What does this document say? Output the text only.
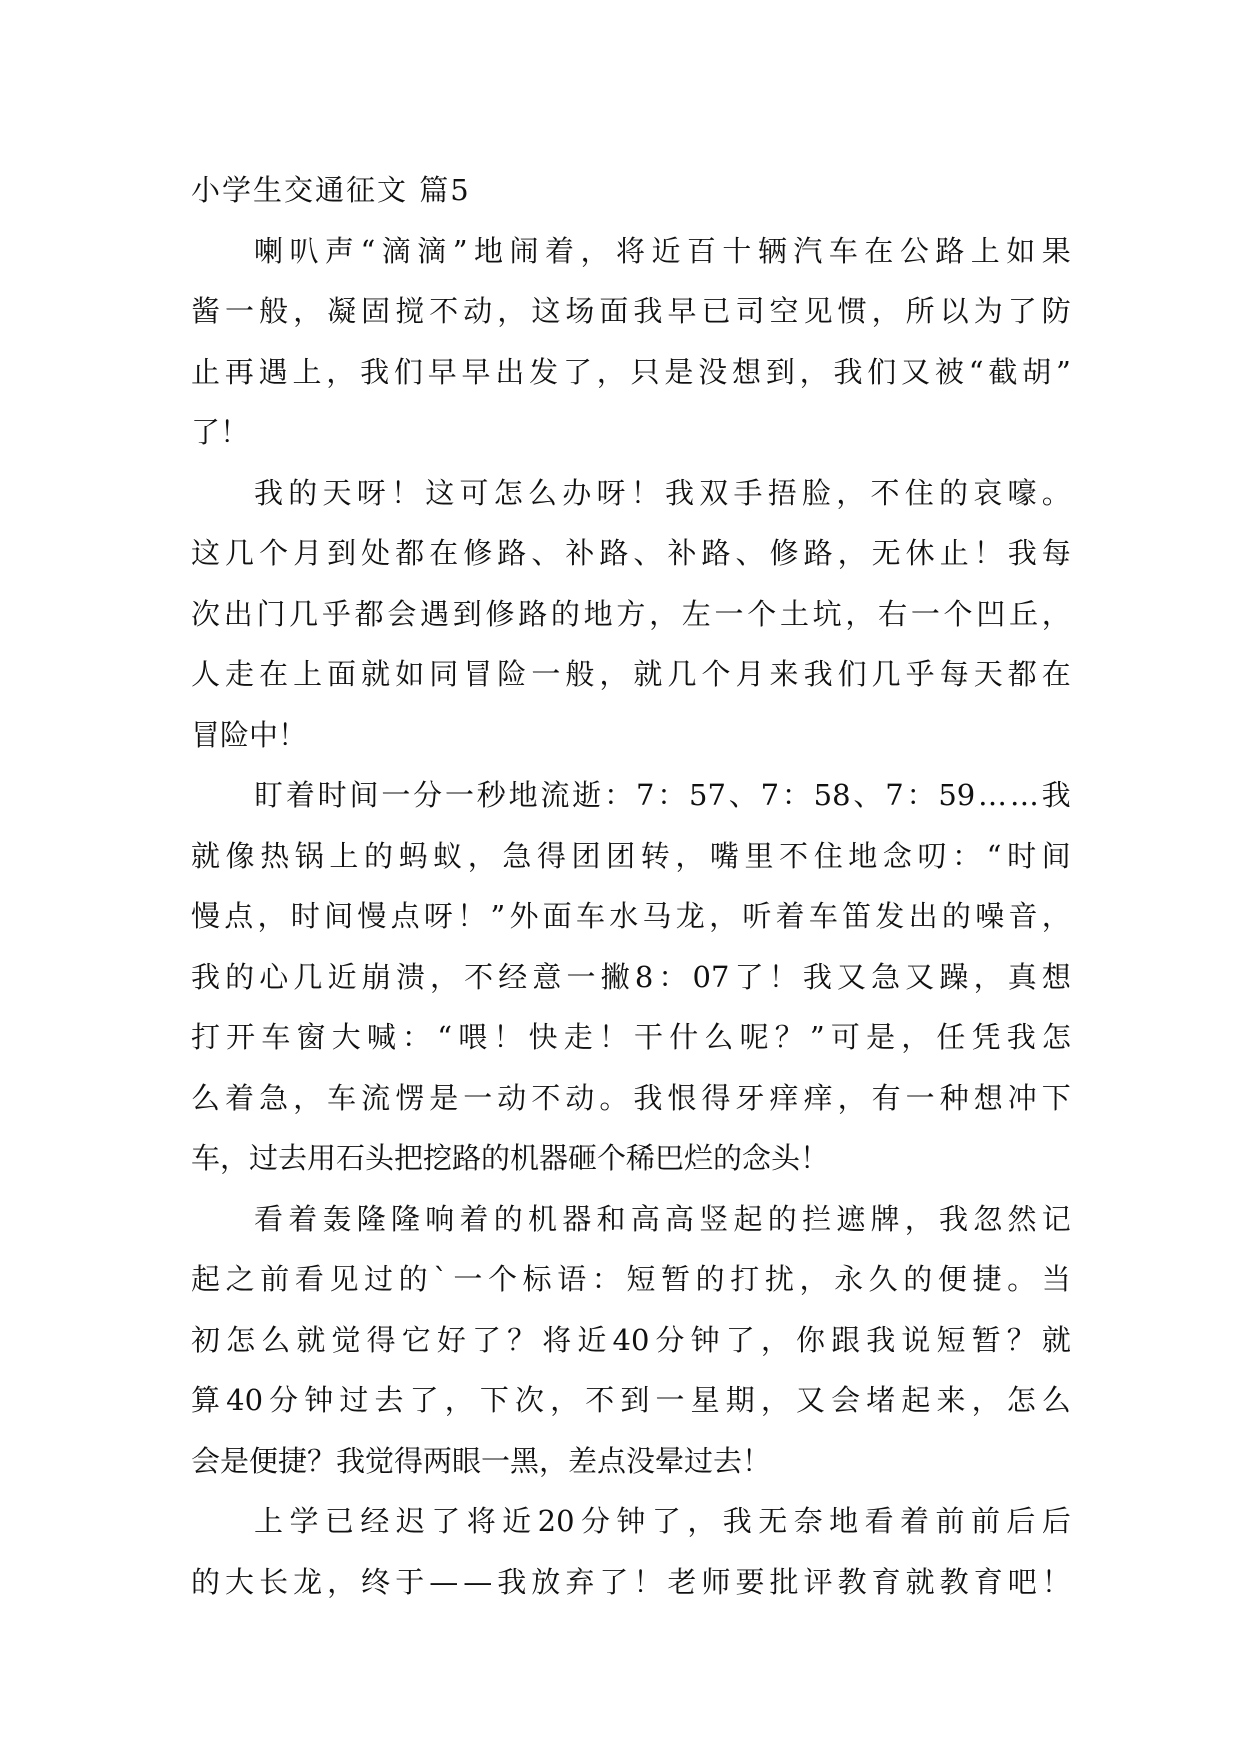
小学生交通征文 篇5
喇 叭 声 “ 滴 滴 ” 地 闹 着 ， 将 近 百 十 辆 汽 车 在 公 路 上 如 果
酱 一 般 ， 凝 固 搅 不 动 ， 这 场 面 我 早 已 司 空 见 惯 ， 所 以 为 了 防
止 再 遇 上 ， 我 们 早 早 出 发 了 ， 只 是 没 想 到 ， 我 们 又 被 “ 截 胡 ”
了！
我 的 天 呀 ！ 这 可 怎 么 办 呀 ！ 我 双 手 捂 脸 ， 不 住 的 哀 嚎 。
这 几 个 月 到 处 都 在 修 路 、 补 路 、 补 路 、 修 路 ， 无 休 止 ！ 我 每
次 出 门 几 乎 都 会 遇 到 修 路 的 地 方 ， 左 一 个 土 坑 ， 右 一 个 凹 丘 ，
人 走 在 上 面 就 如 同 冒 险 一 般 ， 就 几 个 月 来 我 们 几 乎 每 天 都 在
冒险中！
盯 着 时 间 一 分 一 秒 地 流 逝 ： 7 ： 57 、 7 ： 58 、 7 ： 59 … … 我
就 像 热 锅 上 的 蚂 蚁 ， 急 得 团 团 转 ， 嘴 里 不 住 地 念 叨 ： “ 时 间
慢 点 ， 时 间 慢 点 呀 ！ ” 外 面 车 水 马 龙 ， 听 着 车 笛 发 出 的 噪 音 ，
我 的 心 几 近 崩 溃 ， 不 经 意 一 撇 8 ： 07 了 ！ 我 又 急 又 躁 ， 真 想
打 开 车 窗 大 喊 ： “ 喂 ！ 快 走 ！ 干 什 么 呢 ？ ” 可 是 ， 任 凭 我 怎
么 着 急 ， 车 流 愣 是 一 动 不 动 。 我 恨 得 牙 痒 痒 ， 有 一 种 想 冲 下
车，过去用石头把挖路的机器砸个稀巴烂的念头！
看 着 轰 隆 隆 响 着 的 机 器 和 高 高 竖 起 的 拦 遮 牌 ， 我 忽 然 记
起 之 前 看 见 过 的 ` 一 个 标 语 ： 短 暂 的 打 扰 ， 永 久 的 便 捷 。 当
初 怎 么 就 觉 得 它 好 了 ？ 将 近 40 分 钟 了 ， 你 跟 我 说 短 暂 ？ 就
算 40 分 钟 过 去 了 ， 下 次 ， 不 到 一 星 期 ， 又 会 堵 起 来 ， 怎 么
会是便捷？我觉得两眼一黑，差点没晕过去！
上 学 已 经 迟 了 将 近 20 分 钟 了 ， 我 无 奈 地 看 着 前 前 后 后
的 大 长 龙 ， 终 于 — — 我 放 弃 了 ！ 老 师 要 批 评 教 育 就 教 育 吧 ！
